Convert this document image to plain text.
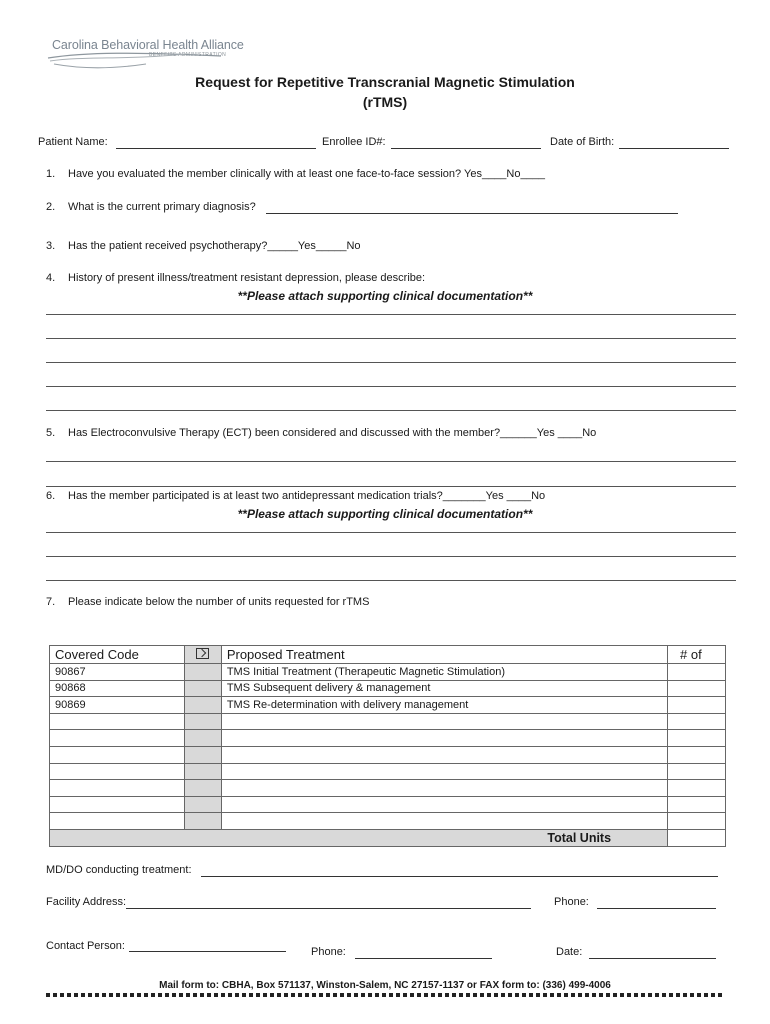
Carolina Behavioral Health Alliance
BENEFITS ADMINISTRATION
Request for Repetitive Transcranial Magnetic Stimulation
(rTMS)
Patient Name:	Enrollee ID#:	Date of Birth:
1. Have you evaluated the member clinically with at least one face-to-face session? Yes____No____
2. What is the current primary diagnosis?
3. Has the patient received psychotherapy?_____Yes_____No
4. History of present illness/treatment resistant depression, please describe:
**Please attach supporting clinical documentation**
5. Has Electroconvulsive Therapy (ECT) been considered and discussed with the member?______Yes ____No
6. Has the member participated is at least two antidepressant medication trials?_______Yes ____No
**Please attach supporting clinical documentation**
7. Please indicate below the number of units requested for rTMS
Covered Code		Proposed Treatment	# of
90867		TMS Initial Treatment (Therapeutic Magnetic Stimulation)	
90868		TMS Subsequent delivery & management	
90869		TMS Re-determination with delivery management	

Total Units			
MD/DO conducting treatment:
Facility Address:	Phone:
Contact Person:	Phone:	Date:
Mail form to: CBHA, Box 571137, Winston-Salem, NC 27157-1137 or FAX form to: (336) 499-4006
